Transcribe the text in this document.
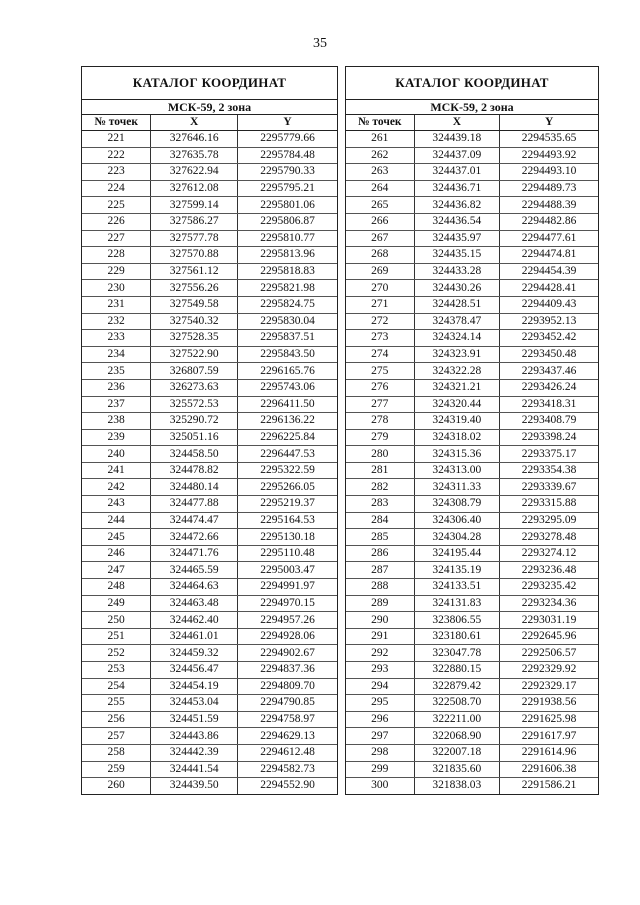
35
КАТАЛОГ КООРДИНАТ
МСК-59, 2 зона
№ точек	X	Y
221	327646.16	2295779.66
222	327635.78	2295784.48
223	327622.94	2295790.33
224	327612.08	2295795.21
225	327599.14	2295801.06
226	327586.27	2295806.87
227	327577.78	2295810.77
228	327570.88	2295813.96
229	327561.12	2295818.83
230	327556.26	2295821.98
231	327549.58	2295824.75
232	327540.32	2295830.04
233	327528.35	2295837.51
234	327522.90	2295843.50
235	326807.59	2296165.76
236	326273.63	2295743.06
237	325572.53	2296411.50
238	325290.72	2296136.22
239	325051.16	2296225.84
240	324458.50	2296447.53
241	324478.82	2295322.59
242	324480.14	2295266.05
243	324477.88	2295219.37
244	324474.47	2295164.53
245	324472.66	2295130.18
246	324471.76	2295110.48
247	324465.59	2295003.47
248	324464.63	2294991.97
249	324463.48	2294970.15
250	324462.40	2294957.26
251	324461.01	2294928.06
252	324459.32	2294902.67
253	324456.47	2294837.36
254	324454.19	2294809.70
255	324453.04	2294790.85
256	324451.59	2294758.97
257	324443.86	2294629.13
258	324442.39	2294612.48
259	324441.54	2294582.73
260	324439.50	2294552.90
КАТАЛОГ КООРДИНАТ
МСК-59, 2 зона
№ точек	X	Y
261	324439.18	2294535.65
262	324437.09	2294493.92
263	324437.01	2294493.10
264	324436.71	2294489.73
265	324436.82	2294488.39
266	324436.54	2294482.86
267	324435.97	2294477.61
268	324435.15	2294474.81
269	324433.28	2294454.39
270	324430.26	2294428.41
271	324428.51	2294409.43
272	324378.47	2293952.13
273	324324.14	2293452.42
274	324323.91	2293450.48
275	324322.28	2293437.46
276	324321.21	2293426.24
277	324320.44	2293418.31
278	324319.40	2293408.79
279	324318.02	2293398.24
280	324315.36	2293375.17
281	324313.00	2293354.38
282	324311.33	2293339.67
283	324308.79	2293315.88
284	324306.40	2293295.09
285	324304.28	2293278.48
286	324195.44	2293274.12
287	324135.19	2293236.48
288	324133.51	2293235.42
289	324131.83	2293234.36
290	323806.55	2293031.19
291	323180.61	2292645.96
292	323047.78	2292506.57
293	322880.15	2292329.92
294	322879.42	2292329.17
295	322508.70	2291938.56
296	322211.00	2291625.98
297	322068.90	2291617.97
298	322007.18	2291614.96
299	321835.60	2291606.38
300	321838.03	2291586.21
